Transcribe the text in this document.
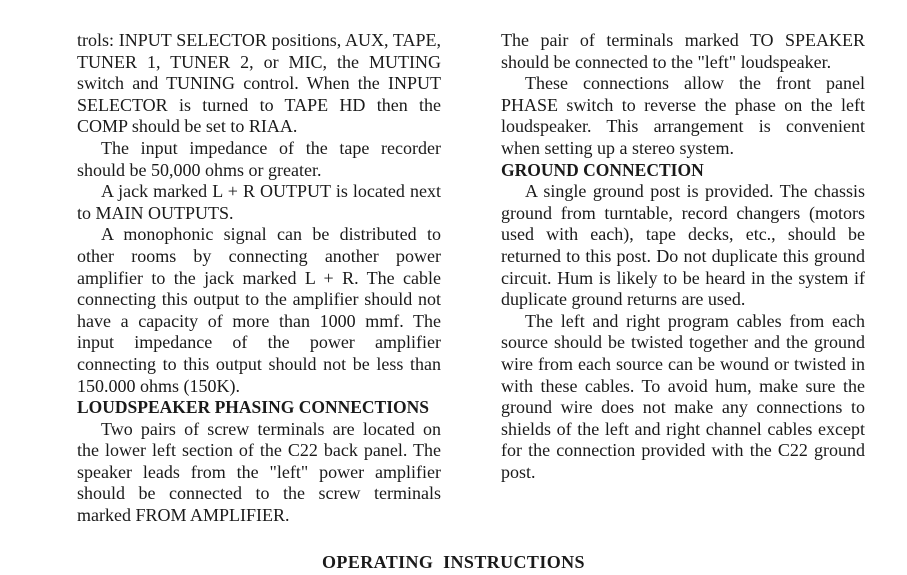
trols: INPUT SELECTOR positions, AUX, TAPE, TUNER 1, TUNER 2, or MIC, the MUTING switch and TUNING control. When the INPUT SELECTOR is turned to TAPE HD then the COMP should be set to RIAA.

The input impedance of the tape recorder should be 50,000 ohms or greater.

A jack marked L + R OUTPUT is located next to MAIN OUTPUTS.

A monophonic signal can be distributed to other rooms by connecting another power amplifier to the jack marked L + R. The cable connecting this output to the amplifier should not have a capacity of more than 1000 mmf. The input impedance of the power amplifier connecting to this output should not be less than 150.000 ohms (150K).

LOUDSPEAKER PHASING CONNECTIONS

Two pairs of screw terminals are located on the lower left section of the C22 back panel. The speaker leads from the "left" power amplifier should be connected to the screw terminals marked FROM AMPLIFIER.

The pair of terminals marked TO SPEAKER should be connected to the "left" loudspeaker.

These connections allow the front panel PHASE switch to reverse the phase on the left loudspeaker. This arrangement is convenient when setting up a stereo system.

GROUND CONNECTION

A single ground post is provided. The chassis ground from turntable, record changers (motors used with each), tape decks, etc., should be returned to this post. Do not duplicate this ground circuit. Hum is likely to be heard in the system if duplicate ground returns are used.

The left and right program cables from each source should be twisted together and the ground wire from each source can be wound or twisted in with these cables. To avoid hum, make sure the ground wire does not make any connections to shields of the left and right channel cables except for the connection provided with the C22 ground post.

OPERATING  INSTRUCTIONS
